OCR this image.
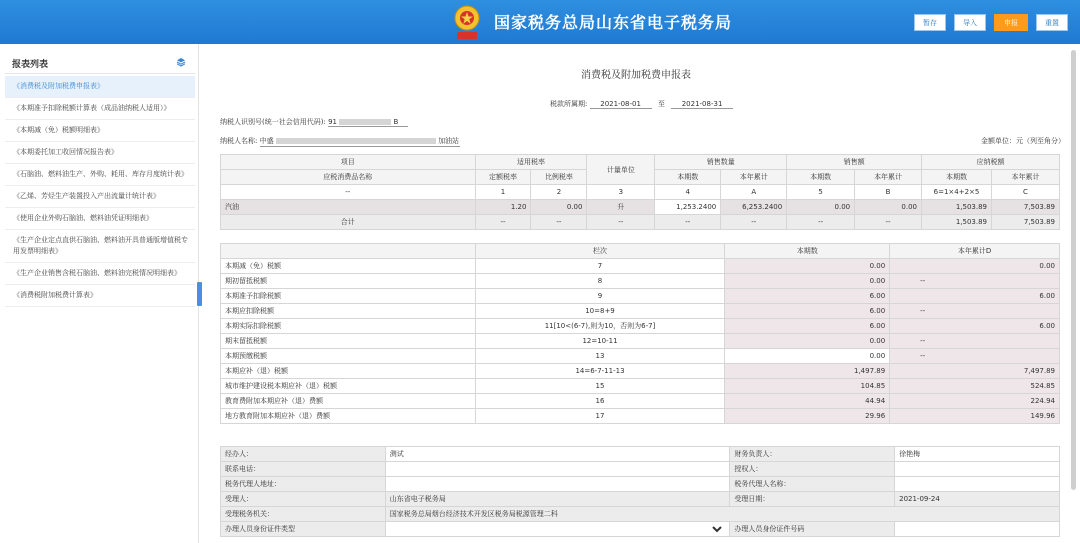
国家税务总局山东省电子税务局	暂存	导入	申报	重置
报表列表
《消费税及附加税费申报表》
《本期准予扣除税额计算表（成品油纳税人适用）》
《本期减（免）税额明细表》
《本期委托加工收回情况报告表》
《石脑油、燃料油生产、外购、耗用、库存月度统计表》
《乙烯、芳烃生产装置投入产出流量计统计表》
《使用企业外购石脑油、燃料油凭证明细表》
《生产企业定点直供石脑油、燃料油开具普通版增值税专用发票明细表》
《生产企业销售含税石脑油、燃料油完税情况明细表》
《消费税附加税费计算表》
消费税及附加税费申报表
税款所属期: 2021-08-01 至 2021-08-31
纳税人识别号(统一社会信用代码): 91	B
纳税人名称: 中盛	加油站	金额单位：元（列至角分）
项目	适用税率		计量单位	销售数量		销售额		应纳税额	
应税消费品名称	定额税率	比例税率		本期数	本年累计	本期数	本年累计	本期数	本年累计
--	1	2	3	4	A	5	B	6=1×4+2×5	C
汽油	1.20	0.00	升	1,253.2400	6,253.2400	0.00	0.00	1,503.89	7,503.89
合计	--	--	--	--	--	--	--	1,503.89	7,503.89
	栏次	本期数	本年累计D
本期减（免）税额	7	0.00	0.00
期初留抵税额	8	0.00	--
本期准予扣除税额	9	6.00	6.00
本期应扣除税额	10=8+9	6.00	--
本期实际扣除税额	11[10<(6-7),则为10，否则为6-7]	6.00	6.00
期末留抵税额	12=10-11	0.00	--
本期预缴税额	13	0.00	--
本期应补（退）税额	14=6-7-11-13	1,497.89	7,497.89
城市维护建设税本期应补（退）税额	15	104.85	524.85
教育费附加本期应补（退）费额	16	44.94	224.94
地方教育附加本期应补（退）费额	17	29.96	149.96
经办人：	测试	财务负责人：	徐艳梅
联系电话：		授权人：	
税务代理人地址：		税务代理人名称：	
受理人：	山东省电子税务局	受理日期：	2021-09-24
受理税务机关：	国家税务总局烟台经济技术开发区税务局税源管理二科		
办理人员身份证件类型		办理人员身份证件号码	
